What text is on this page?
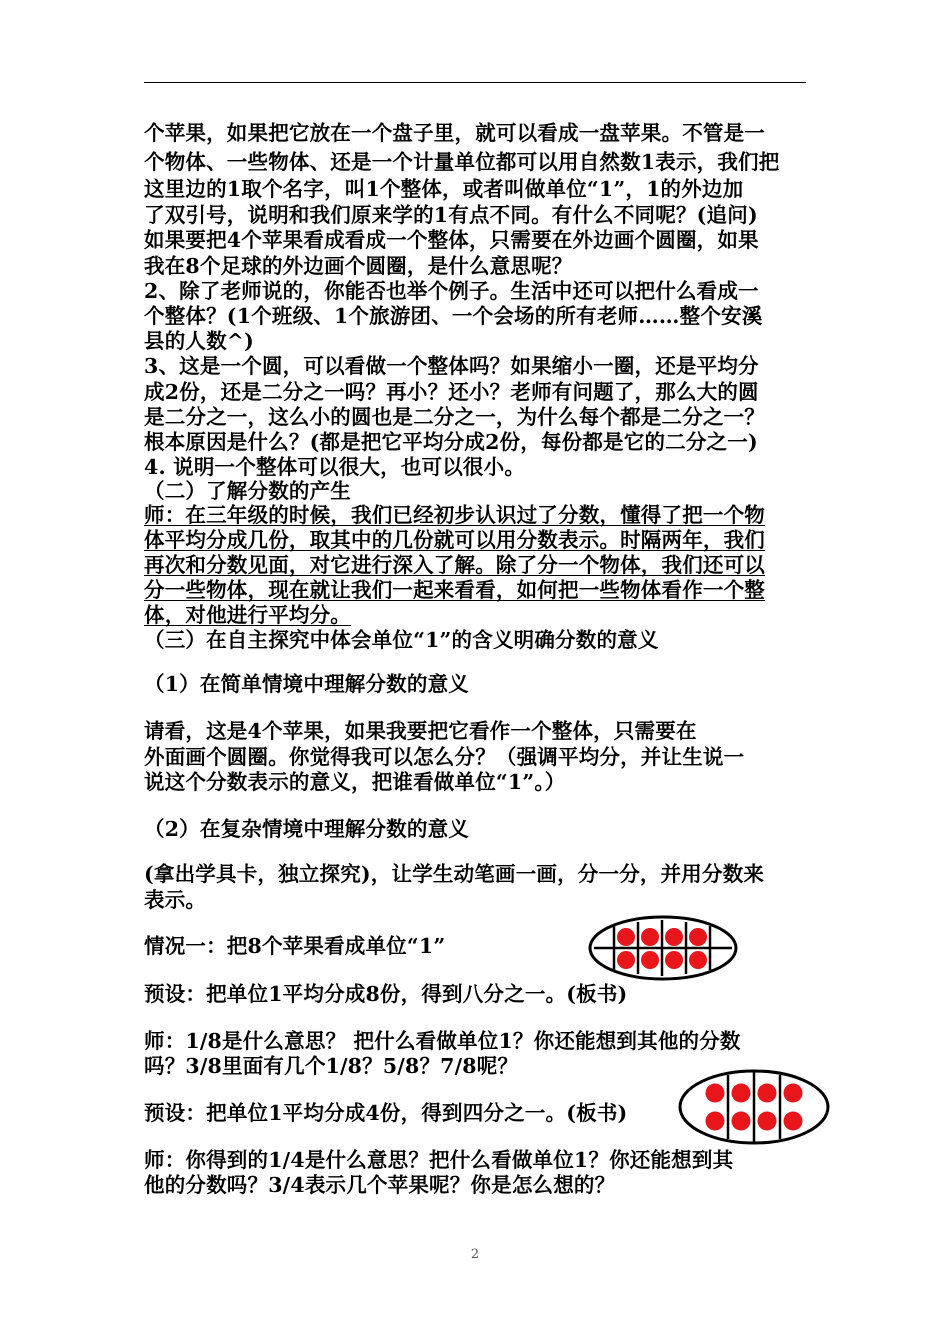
个苹果，如果把它放在一个盘子里，就可以看成一盘苹果。不管是一
个物体、一些物体、还是一个计量单位都可以用自然数1表示，我们把
这里边的1取个名字，叫1个整体，或者叫做单位“1”，1的外边加
了双引号，说明和我们原来学的1有点不同。有什么不同呢？(追问)
如果要把4个苹果看成看成一个整体，只需要在外边画个圆圈，如果
我在8个足球的外边画个圆圈，是什么意思呢？
2、除了老师说的，你能否也举个例子。生活中还可以把什么看成一
个整体？(1个班级、1个旅游团、一个会场的所有老师……整个安溪
县的人数^)
3、这是一个圆，可以看做一个整体吗？如果缩小一圈，还是平均分
成2份，还是二分之一吗？再小？还小？老师有问题了，那么大的圆
是二分之一，这么小的圆也是二分之一，为什么每个都是二分之一？
根本原因是什么？(都是把它平均分成2份，每份都是它的二分之一)
4. 说明一个整体可以很大，也可以很小。
（二）了解分数的产生
师：在三年级的时候，我们已经初步认识过了分数，懂得了把一个物
体平均分成几份，取其中的几份就可以用分数表示。时隔两年，我们
再次和分数见面，对它进行深入了解。除了分一个物体，我们还可以
分一些物体，现在就让我们一起来看看，如何把一些物体看作一个整
体，对他进行平均分。
（三）在自主探究中体会单位“1”的含义明确分数的意义
（1）在简单情境中理解分数的意义
请看，这是4个苹果，如果我要把它看作一个整体，只需要在
外面画个圆圈。你觉得我可以怎么分？（强调平均分，并让生说一
说这个分数表示的意义，把谁看做单位“1”。）
（2）在复杂情境中理解分数的意义
(拿出学具卡，独立探究)，让学生动笔画一画，分一分，并用分数来
表示。
情况一：把8个苹果看成单位“1”
预设：把单位1平均分成8份，得到八分之一。(板书)
师：1/8是什么意思？ 把什么看做单位1？你还能想到其他的分数
吗？3/8里面有几个1/8？5/8？7/8呢？
预设：把单位1平均分成4份，得到四分之一。(板书)
师：你得到的1/4是什么意思？把什么看做单位1？你还能想到其
他的分数吗？3/4表示几个苹果呢？你是怎么想的？
2
